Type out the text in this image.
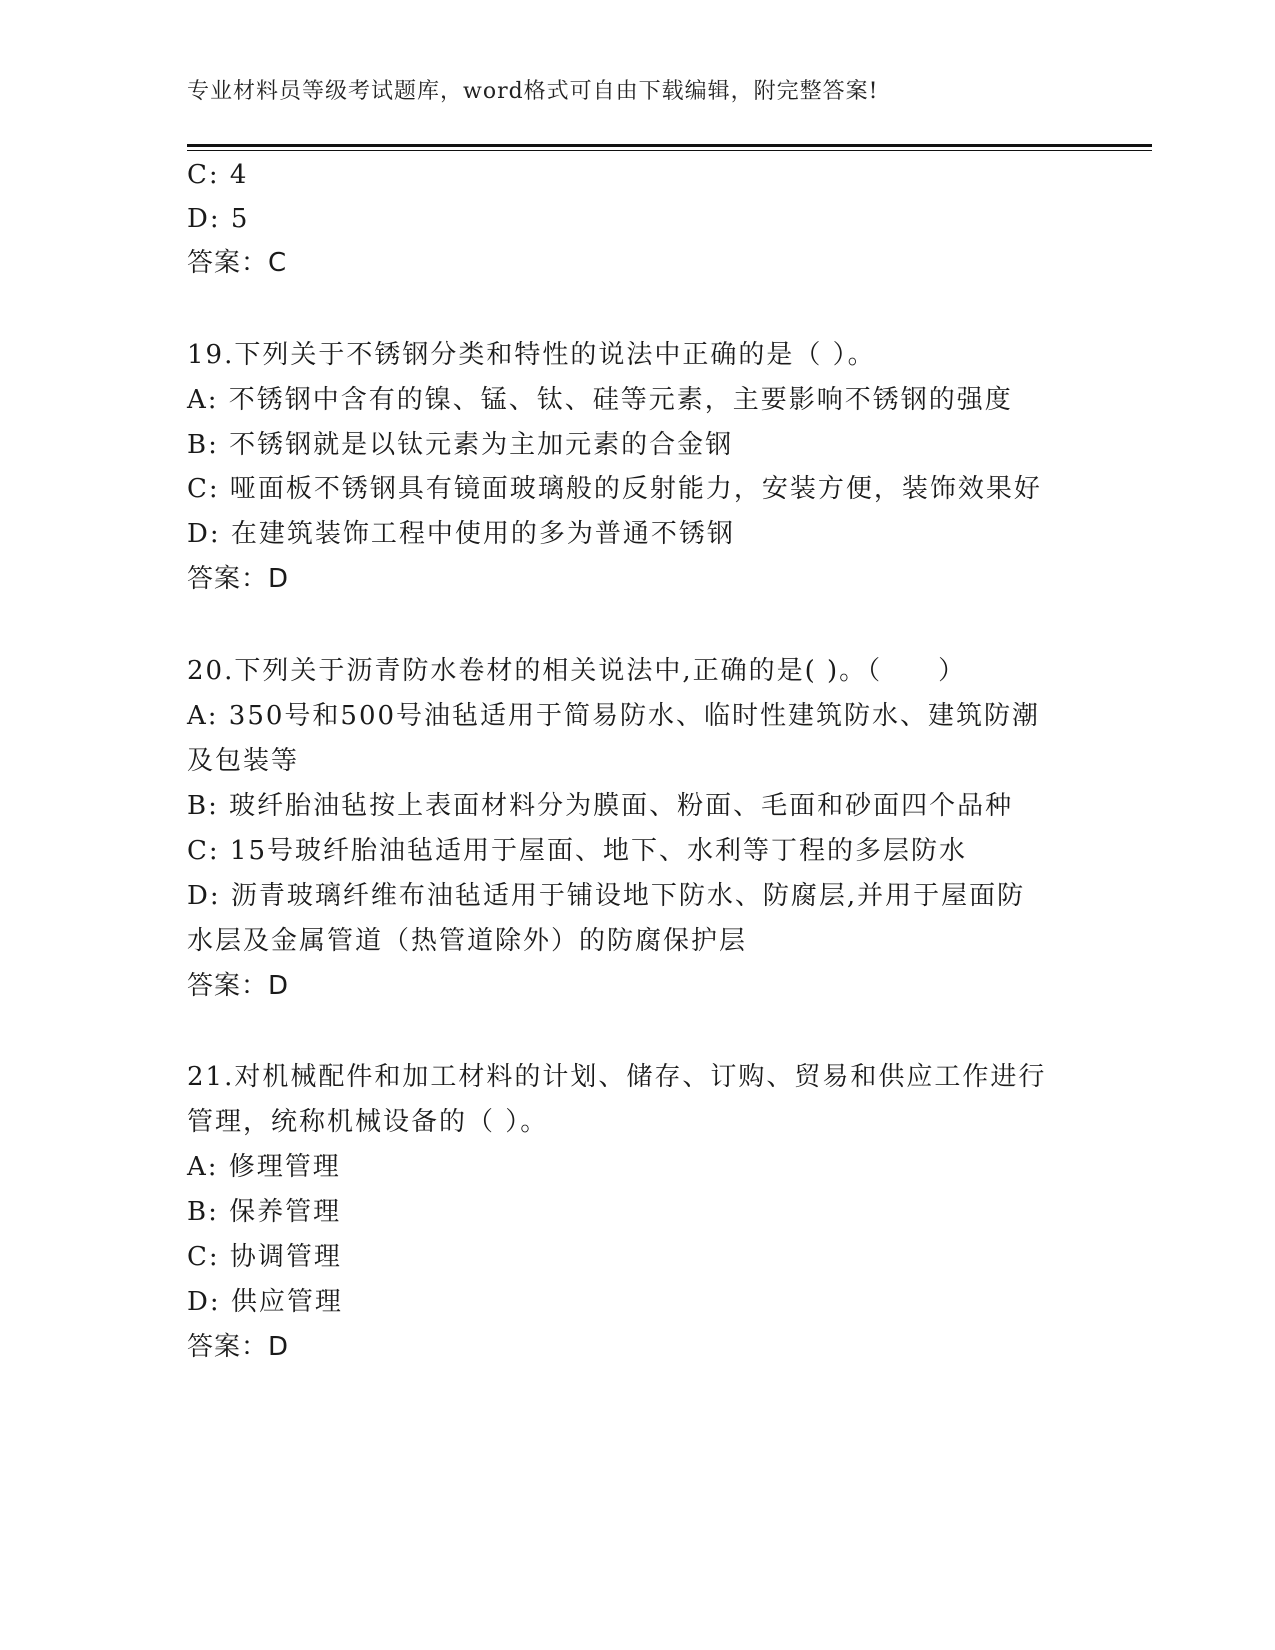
专业材料员等级考试题库，word格式可自由下载编辑，附完整答案!
C: 4
D: 5
答案：C
19.下列关于不锈钢分类和特性的说法中正确的是（ ）。
A: 不锈钢中含有的镍、锰、钛、硅等元素，主要影响不锈钢的强度
B: 不锈钢就是以钛元素为主加元素的合金钢
C: 哑面板不锈钢具有镜面玻璃般的反射能力，安装方便，装饰效果好
D: 在建筑装饰工程中使用的多为普通不锈钢
答案：D
20.下列关于沥青防水卷材的相关说法中,正确的是( )。（　　）
A: 350号和500号油毡适用于简易防水、临时性建筑防水、建筑防潮
及包装等
B: 玻纤胎油毡按上表面材料分为膜面、粉面、毛面和砂面四个品种
C: 15号玻纤胎油毡适用于屋面、地下、水利等丁程的多层防水
D: 沥青玻璃纤维布油毡适用于铺设地下防水、防腐层,并用于屋面防
水层及金属管道（热管道除外）的防腐保护层
答案：D
21.对机械配件和加工材料的计划、储存、订购、贸易和供应工作进行
管理，统称机械设备的（ ）。
A: 修理管理
B: 保养管理
C: 协调管理
D: 供应管理
答案：D
